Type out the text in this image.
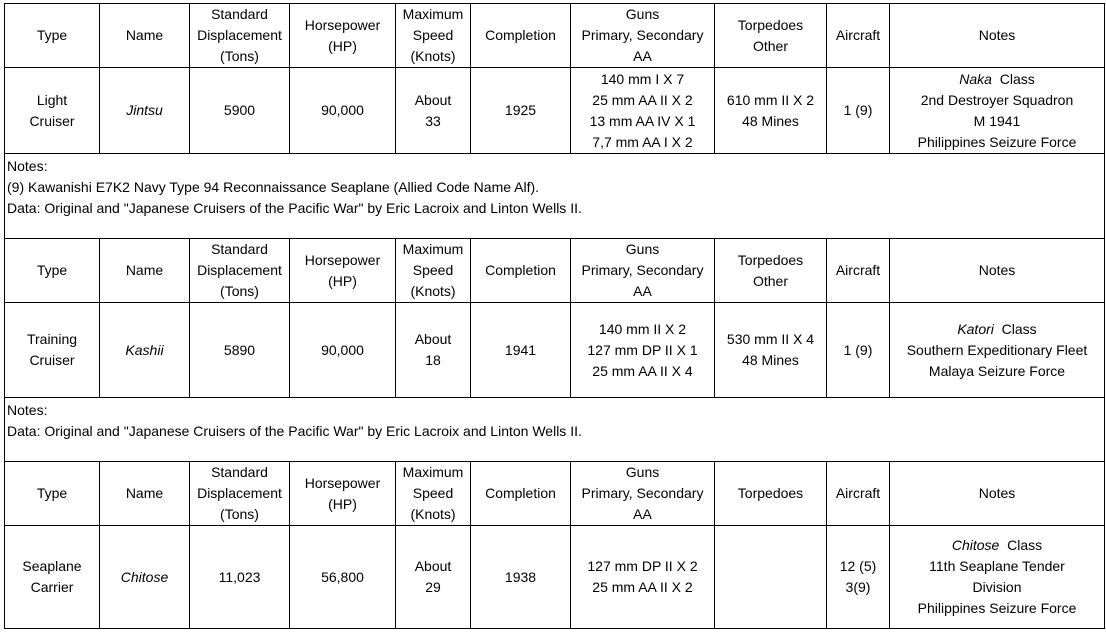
Type	Name	Standard
Displacement
(Tons)	Horsepower
(HP)	Maximum
Speed
(Knots)	Completion	Guns
Primary, Secondary
AA	Torpedoes
Other	Aircraft	Notes

Light
Cruiser	Jintsu	5900	90,000	About
33	1925	140 mm I X 7
25 mm AA II X 2
13 mm AA IV X 1
7,7 mm AA I X 2	610 mm II X 2
48 Mines	1 (9)	Naka Class
2nd Destroyer Squadron
M 1941
Philippines Seizure Force

Notes:
(9) Kawanishi E7K2 Navy Type 94 Reconnaissance Seaplane (Allied Code Name Alf).
Data: Original and "Japanese Cruisers of the Pacific War" by Eric Lacroix and Linton Wells II.									

Type	Name	Standard
Displacement
(Tons)	Horsepower
(HP)	Maximum
Speed
(Knots)	Completion	Guns
Primary, Secondary
AA	Torpedoes
Other	Aircraft	Notes

Training
Cruiser	Kashii	5890	90,000	About
18	1941	140 mm II X 2
127 mm DP II X 1
25 mm AA II X 4	530 mm II X 4
48 Mines	1 (9)	Katori Class
Southern Expeditionary Fleet
Malaya Seizure Force

Notes:
Data: Original and "Japanese Cruisers of the Pacific War" by Eric Lacroix and Linton Wells II.									

Type	Name	Standard
Displacement
(Tons)	Horsepower
(HP)	Maximum
Speed
(Knots)	Completion	Guns
Primary, Secondary
AA	Torpedoes	Aircraft	Notes

Seaplane
Carrier	Chitose	11,023	56,800	About
29	1938	127 mm DP II X 2
25 mm AA II X 2		12 (5)
3(9)	Chitose Class
11th Seaplane Tender
Division
Philippines Seizure Force
